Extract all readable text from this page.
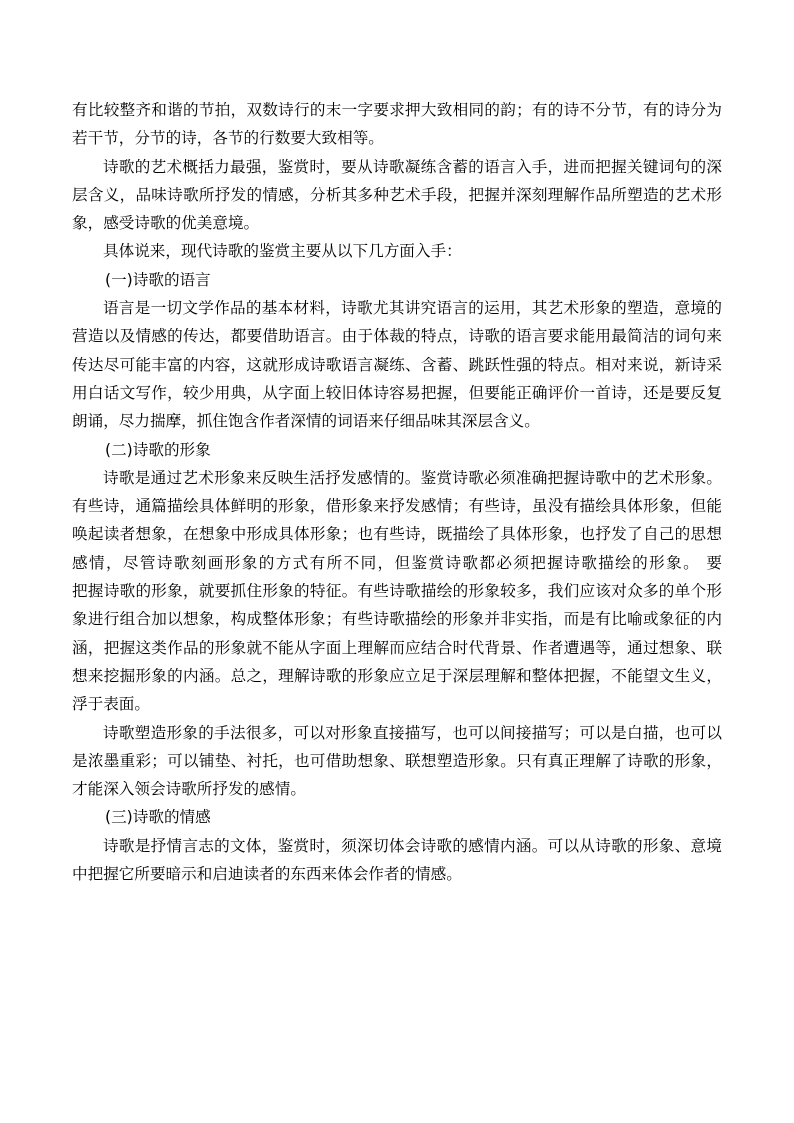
有比较整齐和谐的节拍，双数诗行的末一字要求押大致相同的韵；有的诗不分节，有的诗分为
若干节，分节的诗，各节的行数要大致相等。
诗歌的艺术概括力最强，鉴赏时，要从诗歌凝练含蓄的语言入手，进而把握关键词句的深
层含义，品味诗歌所抒发的情感，分析其多种艺术手段，把握并深刻理解作品所塑造的艺术形
象，感受诗歌的优美意境。
具体说来，现代诗歌的鉴赏主要从以下几方面入手：
(一)诗歌的语言
语言是一切文学作品的基本材料，诗歌尤其讲究语言的运用，其艺术形象的塑造，意境的
营造以及情感的传达，都要借助语言。由于体裁的特点，诗歌的语言要求能用最简洁的词句来
传达尽可能丰富的内容，这就形成诗歌语言凝练、含蓄、跳跃性强的特点。相对来说，新诗采
用白话文写作，较少用典，从字面上较旧体诗容易把握，但要能正确评价一首诗，还是要反复
朗诵，尽力揣摩，抓住饱含作者深情的词语来仔细品味其深层含义。
(二)诗歌的形象
诗歌是通过艺术形象来反映生活抒发感情的。鉴赏诗歌必须准确把握诗歌中的艺术形象。
有些诗，通篇描绘具体鲜明的形象，借形象来抒发感情；有些诗，虽没有描绘具体形象，但能
唤起读者想象，在想象中形成具体形象；也有些诗，既描绘了具体形象，也抒发了自己的思想
感情，尽管诗歌刻画形象的方式有所不同，但鉴赏诗歌都必须把握诗歌描绘的形象。 要
把握诗歌的形象，就要抓住形象的特征。有些诗歌描绘的形象较多，我们应该对众多的单个形
象进行组合加以想象，构成整体形象；有些诗歌描绘的形象并非实指，而是有比喻或象征的内
涵，把握这类作品的形象就不能从字面上理解而应结合时代背景、作者遭遇等，通过想象、联
想来挖掘形象的内涵。总之，理解诗歌的形象应立足于深层理解和整体把握，不能望文生义，
浮于表面。
诗歌塑造形象的手法很多，可以对形象直接描写，也可以间接描写；可以是白描，也可以
是浓墨重彩；可以铺垫、衬托，也可借助想象、联想塑造形象。只有真正理解了诗歌的形象，
才能深入领会诗歌所抒发的感情。
(三)诗歌的情感
诗歌是抒情言志的文体，鉴赏时，须深切体会诗歌的感情内涵。可以从诗歌的形象、意境
中把握它所要暗示和启迪读者的东西来体会作者的情感。
